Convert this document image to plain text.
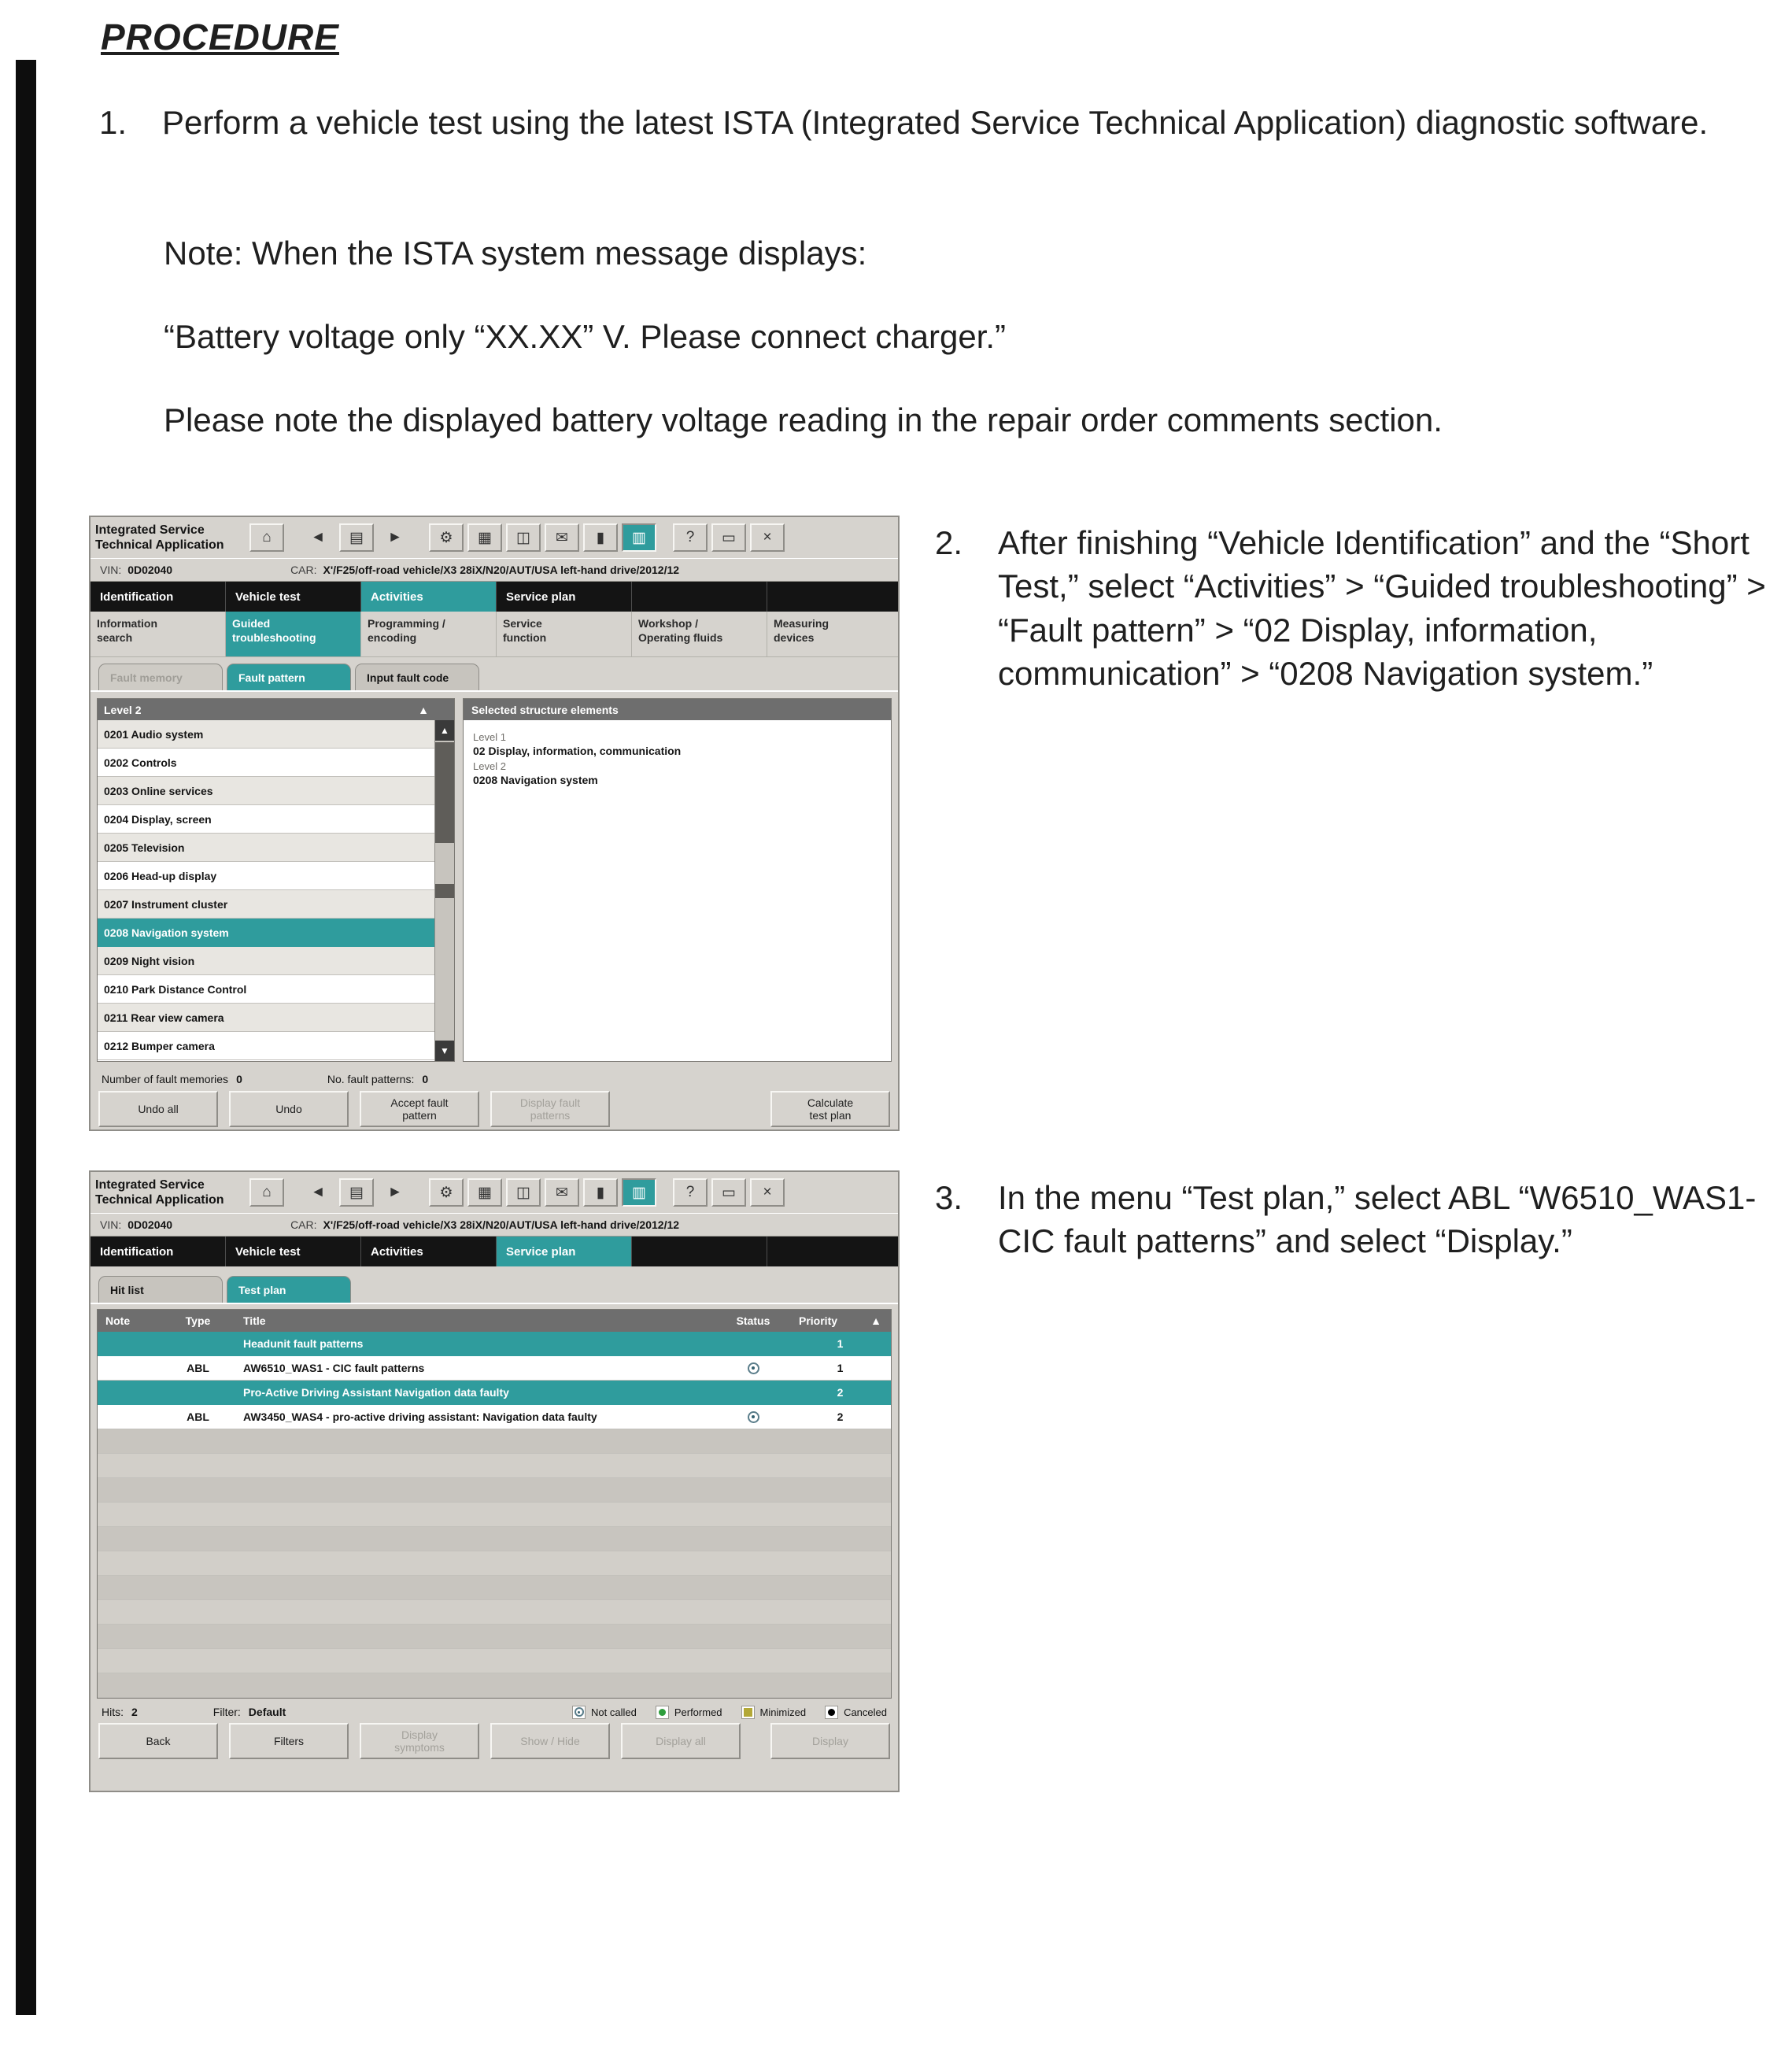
PROCEDURE
1.	Perform a vehicle test using the latest ISTA (Integrated Service Technical Application) diagnostic software.
Note: When the ISTA system message displays:
“Battery voltage only “XX.XX” V. Please connect charger.”
Please note the displayed battery voltage reading in the repair order comments section.
2.	After finishing “Vehicle Identification” and the “Short Test,” select “Activities” > “Guided troubleshooting” > “Fault pattern” > “02 Display, information, communication” > “0208 Navigation system.”
3.	In the menu “Test plan,” select ABL “W6510_WAS1-CIC fault patterns” and select “Display.”
Integrated Service
Technical Application	⌂	◄ ▤ ► ⚙ ▦ ◫ ✉ ▮ ▥	? ▭ ×
VIN: 0D02040	CAR: X'/F25/off-road vehicle/X3 28iX/N20/AUT/USA left-hand drive/2012/12
Identification	Vehicle test	Activities	Service plan
Information
search
Guided
troubleshooting
Programming /
encoding
Service
function
Workshop /
Operating fluids
Measuring
devices
Fault memory	Fault pattern	Input fault code
Level 2	▲
0201 Audio system
0202 Controls
0203 Online services
0204 Display, screen
0205 Television
0206 Head-up display
0207 Instrument cluster
0208 Navigation system
0209 Night vision
0210 Park Distance Control
0211 Rear view camera
0212 Bumper camera
▲
▼
Selected structure elements
Level 1
02 Display, information, communication
Level 2
0208 Navigation system
Number of fault memories 0	No. fault patterns: 0
Undo all	Undo
Accept fault
pattern
Display fault
patterns
Calculate
test plan
Integrated Service
Technical Application	⌂	◄ ▤ ► ⚙ ▦ ◫ ✉ ▮ ▥	? ▭ ×
VIN: 0D02040	CAR: X'/F25/off-road vehicle/X3 28iX/N20/AUT/USA left-hand drive/2012/12
Identification	Vehicle test	Activities	Service plan
Hit list	Test plan
Note	Type	Title	Status	Priority	▲
Headunit fault patterns	1
ABL	AW6510_WAS1 - CIC fault patterns	1
Pro-Active Driving Assistant Navigation data faulty	2
ABL	AW3450_WAS4 - pro-active driving assistant: Navigation data faulty	2
Hits: 2	Filter: Default	Not called	Performed	Minimized	Canceled
Back	Filters
Display
symptoms
Show / Hide	Display all	Display
